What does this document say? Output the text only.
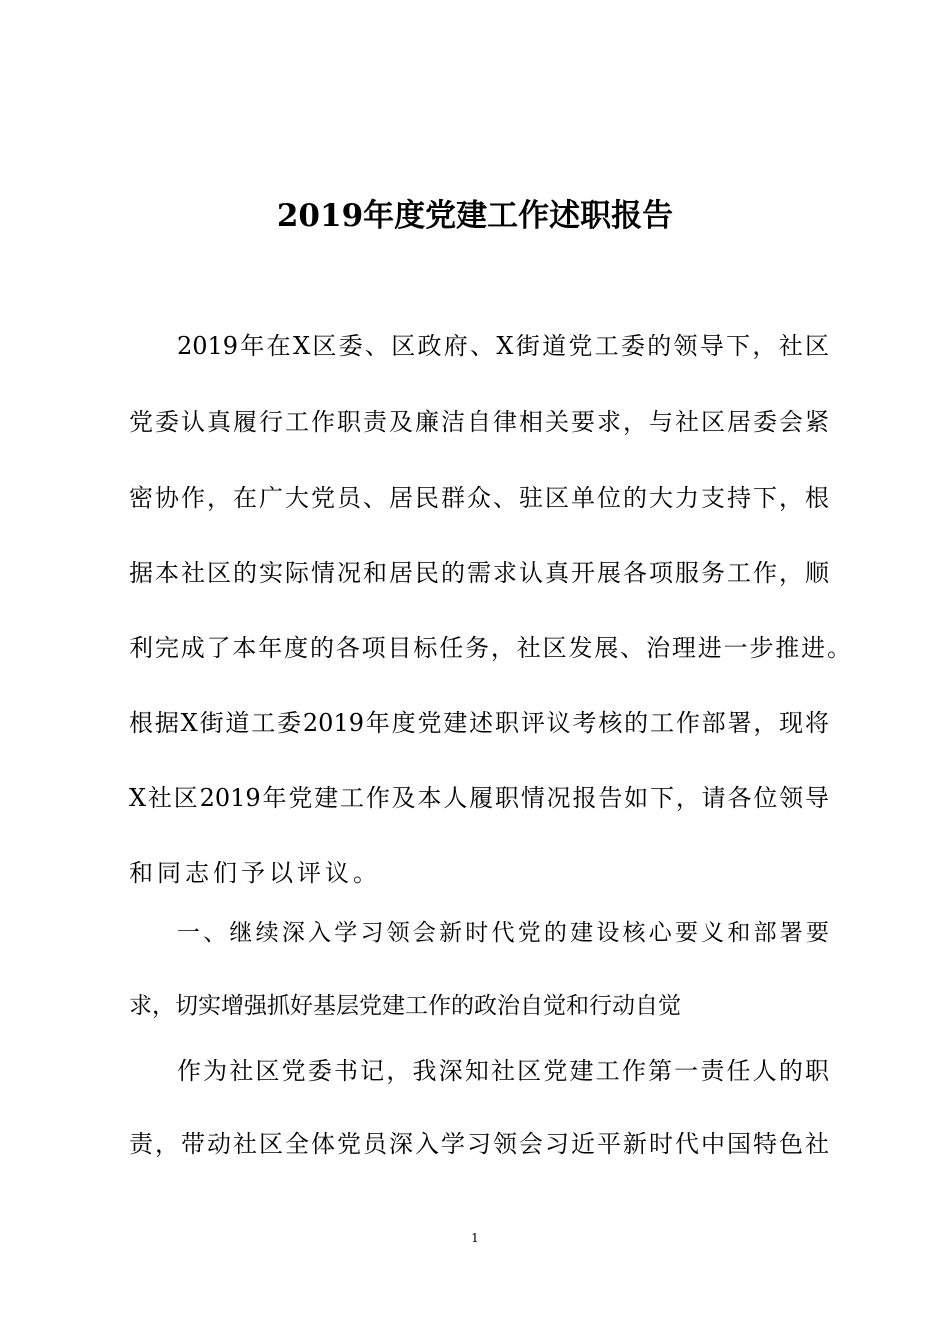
2019年度党建工作述职报告
2019年在X区委、区政府、X街道党工委的领导下，社区
党委认真履行工作职责及廉洁自律相关要求，与社区居委会紧
密协作，在广大党员、居民群众、驻区单位的大力支持下，根
据本社区的实际情况和居民的需求认真开展各项服务工作，顺
利完成了本年度的各项目标任务，社区发展、治理进一步推进。
根据X街道工委2019年度党建述职评议考核的工作部署，现将
X社区2019年党建工作及本人履职情况报告如下，请各位领导
和同志们予以评议。
一、继续深入学习领会新时代党的建设核心要义和部署要
求，切实增强抓好基层党建工作的政治自觉和行动自觉
作为社区党委书记，我深知社区党建工作第一责任人的职
责，带动社区全体党员深入学习领会习近平新时代中国特色社
1
